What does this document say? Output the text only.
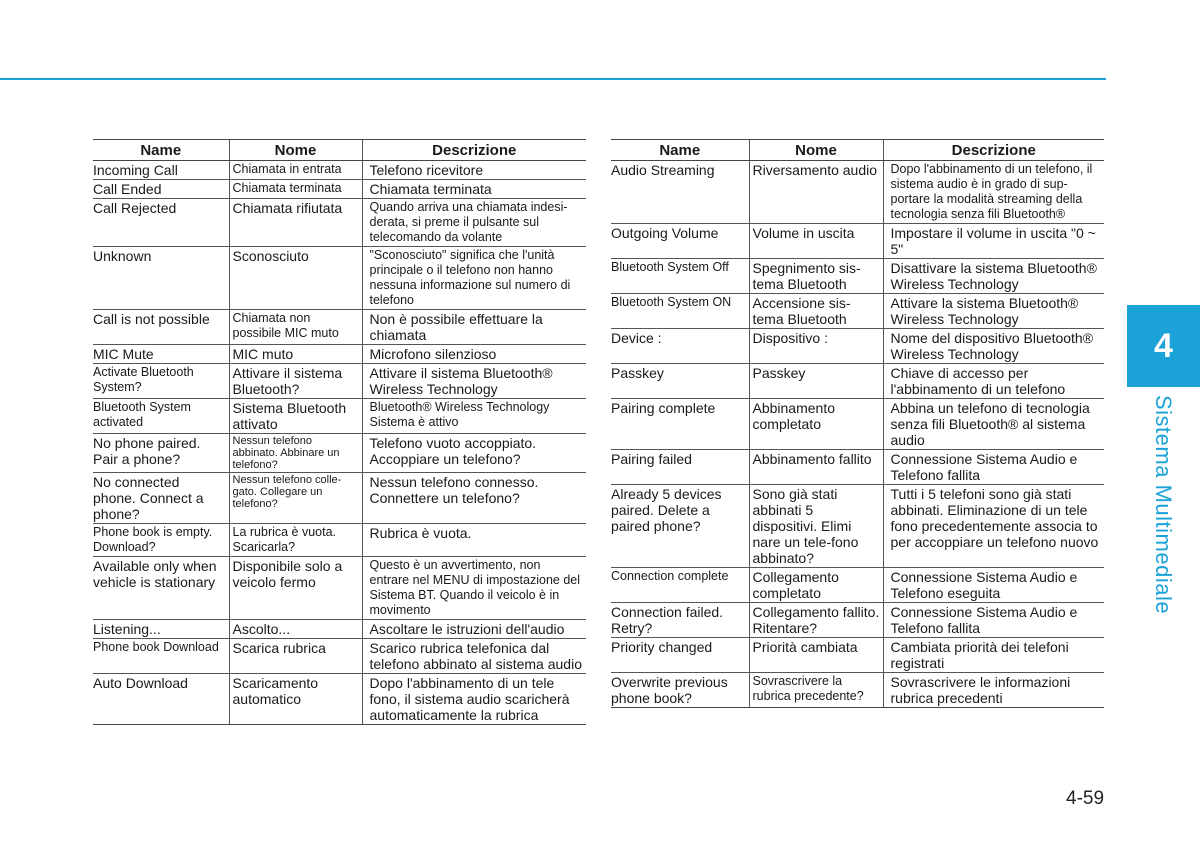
Name	Nome	Descrizione
Incoming Call	Chiamata in entrata	Telefono ricevitore
Call Ended	Chiamata terminata	Chiamata terminata
Call Rejected	Chiamata rifiutata	Quando arriva una chiamata indesi-derata, si preme il pulsante sul telecomando da volante
Unknown	Sconosciuto	"Sconosciuto" significa che l'unità principale o il telefono non hanno nessuna informazione sul numero di telefono
Call is not possible	Chiamata non possibile MIC muto	Non è possibile effettuare la chiamata
MIC Mute	MIC muto	Microfono silenzioso
Activate Bluetooth System?	Attivare il sistema Bluetooth?	Attivare il sistema Bluetooth® Wireless Technology
Bluetooth System activated	Sistema Bluetooth attivato	Bluetooth® Wireless Technology Sistema è attivo
No phone paired. Pair a phone?	Nessun telefono abbinato. Abbinare un telefono?	Telefono vuoto accoppiato. Accoppiare un telefono?
No connected phone. Connect a phone?	Nessun telefono colle-gato. Collegare un telefono?	Nessun telefono connesso. Connettere un telefono?
Phone book is empty. Download?	La rubrica è vuota. Scaricarla?	Rubrica è vuota.
Available only when vehicle is stationary	Disponibile solo a veicolo fermo	Questo è un avvertimento, non entrare nel MENU di impostazione del Sistema BT. Quando il veicolo è in movimento
Listening...	Ascolto...	Ascoltare le istruzioni dell'audio
Phone book Download	Scarica rubrica	Scarico rubrica telefonica dal telefono abbinato al sistema audio
Auto Download	Scaricamento automatico	Dopo l'abbinamento di un tele fono, il sistema audio scaricherà automaticamente la rubrica
Name	Nome	Descrizione
Audio Streaming	Riversamento audio	Dopo l'abbinamento di un telefono, il sistema audio è in grado di sup-portare la modalità streaming della tecnologia senza fili Bluetooth®
Outgoing Volume	Volume in uscita	Impostare il volume in uscita "0 ~ 5"
Bluetooth System Off	Spegnimento sis-tema Bluetooth	Disattivare la sistema Bluetooth® Wireless Technology
Bluetooth System ON	Accensione sis-tema Bluetooth	Attivare la sistema Bluetooth® Wireless Technology
Device :	Dispositivo :	Nome del dispositivo Bluetooth® Wireless Technology
Passkey	Passkey	Chiave di accesso per l'abbinamento di un telefono
Pairing complete	Abbinamento completato	Abbina un telefono di tecnologia senza fili Bluetooth® al sistema audio
Pairing failed	Abbinamento fallito	Connessione Sistema Audio e Telefono fallita
Already 5 devices paired. Delete a paired phone?	Sono già stati abbinati 5 dispositivi. Elimi nare un tele-fono abbinato?	Tutti i 5 telefoni sono già stati abbinati. Eliminazione di un tele fono precedentemente associa to per accoppiare un telefono nuovo
Connection complete	Collegamento completato	Connessione Sistema Audio e Telefono eseguita
Connection failed. Retry?	Collegamento fallito. Ritentare?	Connessione Sistema Audio e Telefono fallita
Priority changed	Priorità cambiata	Cambiata priorità dei telefoni registrati
Overwrite previous phone book?	Sovrascrivere la rubrica precedente?	Sovrascrivere le informazioni rubrica precedenti
4
Sistema Multimediale
4-59
